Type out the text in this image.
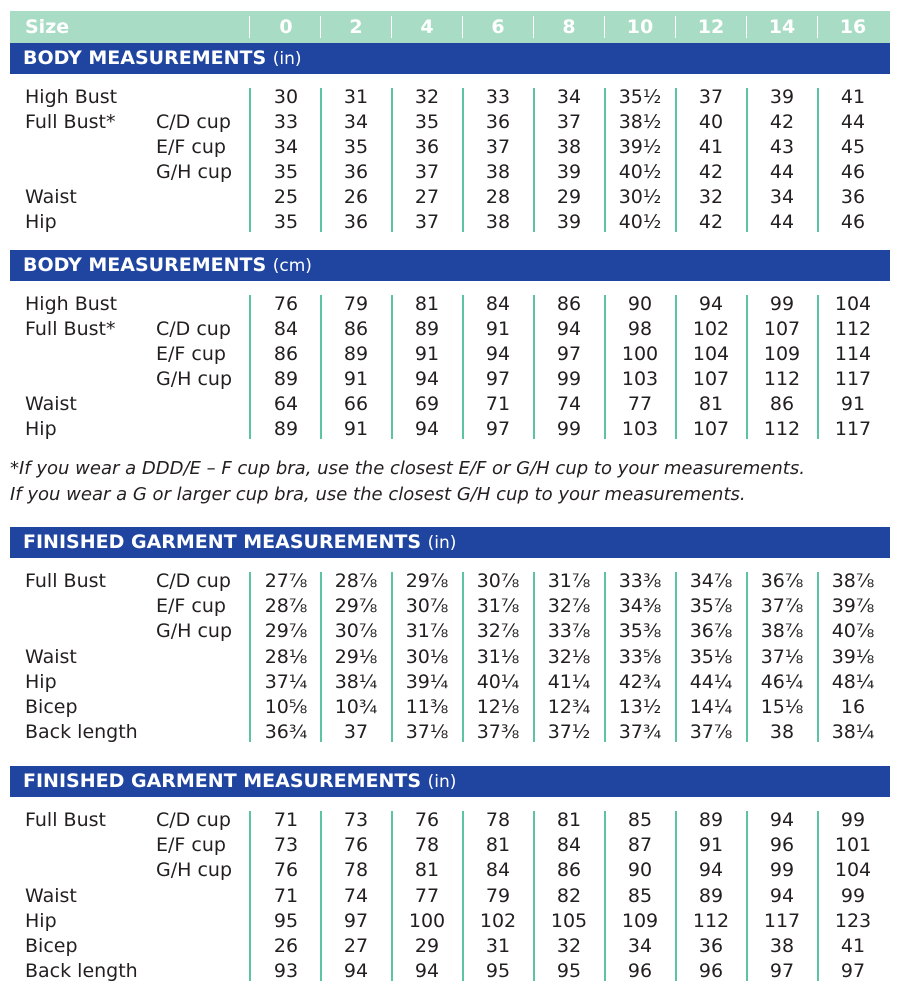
Size	0	2	4	6	8	10	12	14	16
BODY MEASUREMENTS (in)
High Bust	30	31	32	33	34	35½	37	39	41
Full Bust* C/D cup	33	34	35	36	37	38½	40	42	44
E/F cup	34	35	36	37	38	39½	41	43	45
G/H cup	35	36	37	38	39	40½	42	44	46
Waist	25	26	27	28	29	30½	32	34	36
Hip	35	36	37	38	39	40½	42	44	46
BODY MEASUREMENTS (cm)
High Bust	76	79	81	84	86	90	94	99	104
Full Bust* C/D cup	84	86	89	91	94	98	102	107	112
E/F cup	86	89	91	94	97	100	104	109	114
G/H cup	89	91	94	97	99	103	107	112	117
Waist	64	66	69	71	74	77	81	86	91
Hip	89	91	94	97	99	103	107	112	117
FINISHED GARMENT MEASUREMENTS (in)
Full Bust	C/D cup	27⅞	28⅞	29⅞	30⅞	31⅞	33⅜	34⅞	36⅞	38⅞
E/F cup	28⅞	29⅞	30⅞	31⅞	32⅞	34⅜	35⅞	37⅞	39⅞
G/H cup	29⅞	30⅞	31⅞	32⅞	33⅞	35⅜	36⅞	38⅞	40⅞
Waist	28⅛	29⅛	30⅛	31⅛	32⅛	33⅝	35⅛	37⅛	39⅛
Hip	37¼	38¼	39¼	40¼	41¼	42¾	44¼	46¼	48¼
Bicep	10⅝	10¾	11⅜	12⅛	12¾	13½	14¼	15⅛	16
Back length	36¾	37	37⅛	37⅜	37½	37¾	37⅞	38	38¼
FINISHED GARMENT MEASUREMENTS (in)
Full Bust	C/D cup	71	73	76	78	81	85	89	94	99
E/F cup	73	76	78	81	84	87	91	96	101
G/H cup	76	78	81	84	86	90	94	99	104
Waist	71	74	77	79	82	85	89	94	99
Hip	95	97	100	102	105	109	112	117	123
Bicep	26	27	29	31	32	34	36	38	41
Back length	93	94	94	95	95	96	96	97	97
*If you wear a DDD/E – F cup bra, use the closest E/F or G/H cup to your measurements.
If you wear a G or larger cup bra, use the closest G/H cup to your measurements.
